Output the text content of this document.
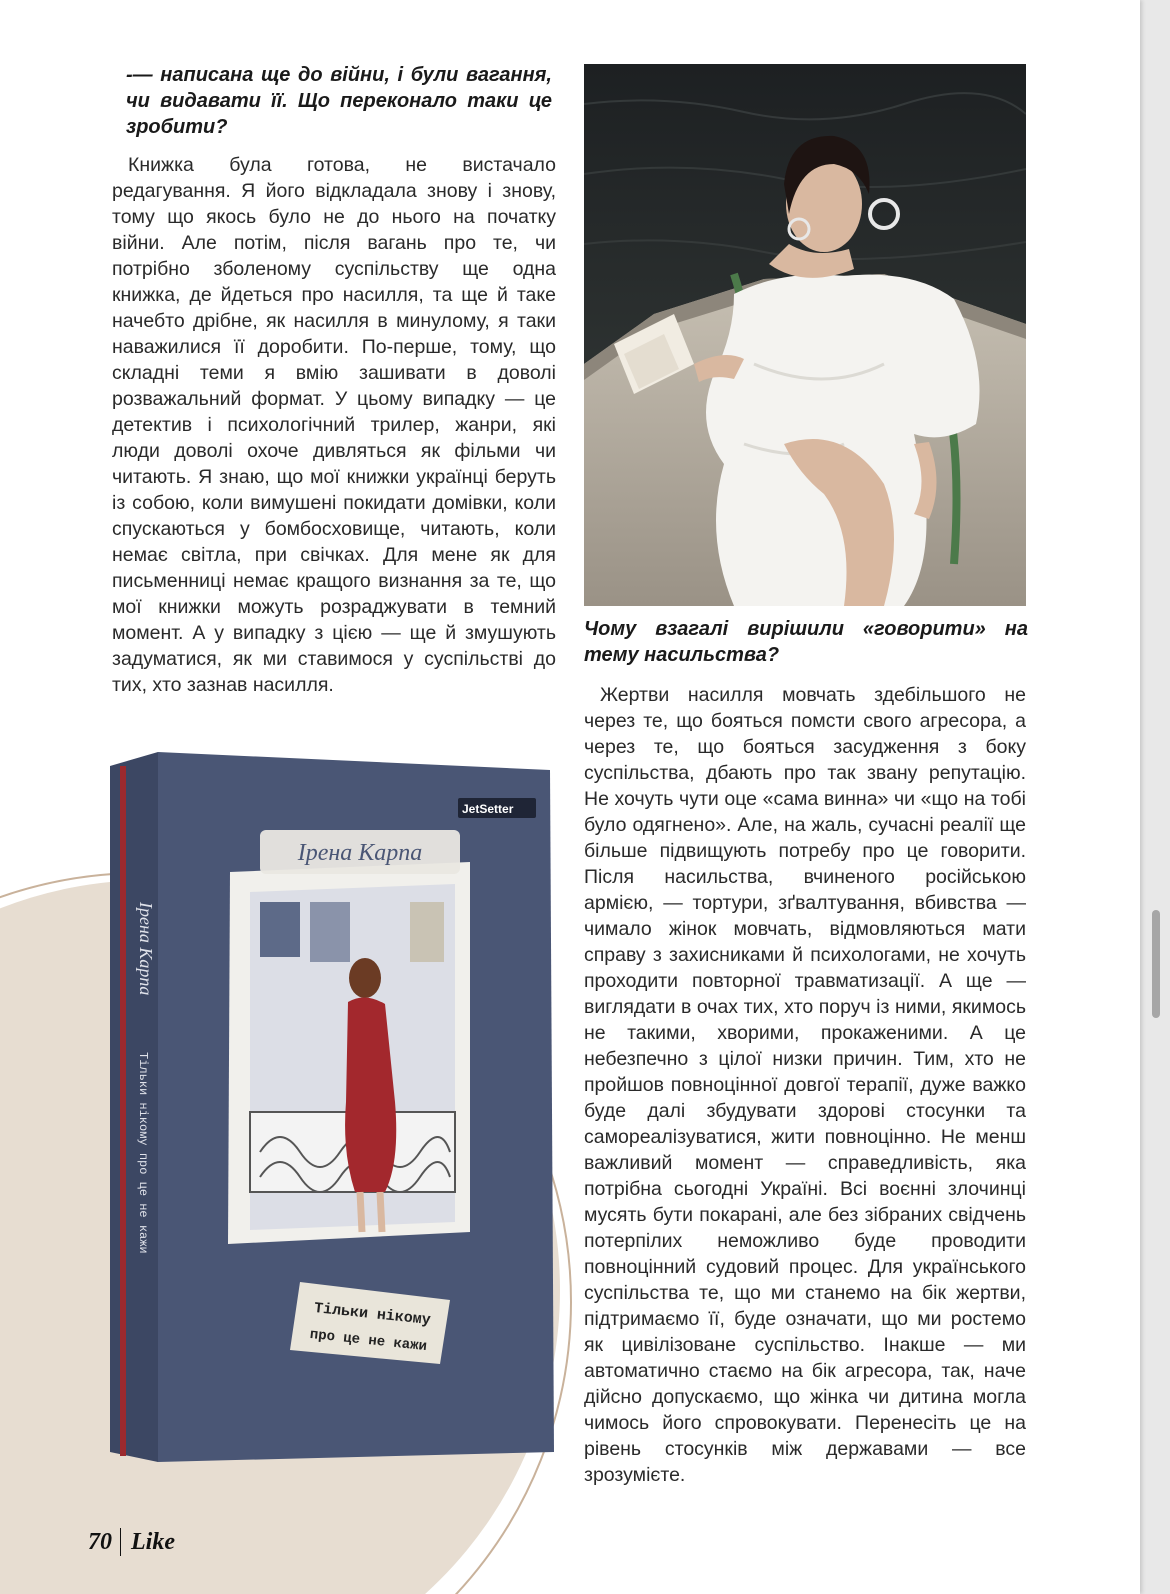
-— написана ще до війни, і були вагання, чи видавати її. Що переконало таки це зробити?

Книжка була готова, не вистачало редагування. Я його відкладала знову і знову, тому що якось було не до нього на початку війни. Але потім, після вагань про те, чи потрібно зболеному суспільству ще одна книжка, де йдеться про насилля, та ще й таке начебто дрібне, як насилля в минулому, я таки наважилися її доробити. По-перше, тому, що складні теми я вмію зашивати в доволі розважальний формат. У цьому випадку — це детектив і психологічний трилер, жанри, які люди доволі охоче дивляться як фільми чи читають. Я знаю, що мої книжки українці беруть із собою, коли вимушені покидати домівки, коли спускаються у бомбосховище, читають, коли немає світла, при свічках. Для мене як для письменниці немає кращого визнання за те, що мої книжки можуть розраджувати в темний момент. А у випадку з цією — ще й змушують задуматися, як ми ставимося у суспільстві до тих, хто зазнав насилля.

Чому взагалі вирішили «говорити» на тему насильства?

Жертви насилля мовчать здебільшого не через те, що бояться помсти свого агресора, а через те, що бояться засудження з боку суспільства, дбають про так звану репутацію. Не хочуть чути оце «сама винна» чи «що на тобі було одягнено». Але, на жаль, сучасні реалії ще більше підвищують потребу про це говорити. Після насильства, вчиненого російською армією, — тортури, зґвалтування, вбивства — чимало жінок мовчать, відмовляються мати справу з захисниками й психологами, не хочуть проходити повторної травматизації. А ще — виглядати в очах тих, хто поруч із ними, якимось не такими, хворими, прокаженими. А це небезпечно з цілої низки причин. Тим, хто не пройшов повноцінної довгої терапії, дуже важко буде далі збудувати здорові стосунки та самореалізуватися, жити повноцінно. Не менш важливий момент — справедливість, яка потрібна сьогодні Україні. Всі воєнні злочинці мусять бути покарані, але без зібраних свідчень потерпілих неможливо буде проводити повноцінний судовий процес. Для українського суспільства те, що ми станемо на бік жертви, підтримаємо її, буде означати, що ми ростемо як цивілізоване суспільство. Інакше — ми автоматично стаємо на бік агресора, так, наче дійсно допускаємо, що жінка чи дитина могла чимось його спровокувати. Перенесіть це на рівень стосунків між державами — все зрозумієте.

JetSetter
Ірена Карпа
Тільки нікому
про це не кажи
Ірена Карпа
Тільки нікому про це не кажи
70 Like
